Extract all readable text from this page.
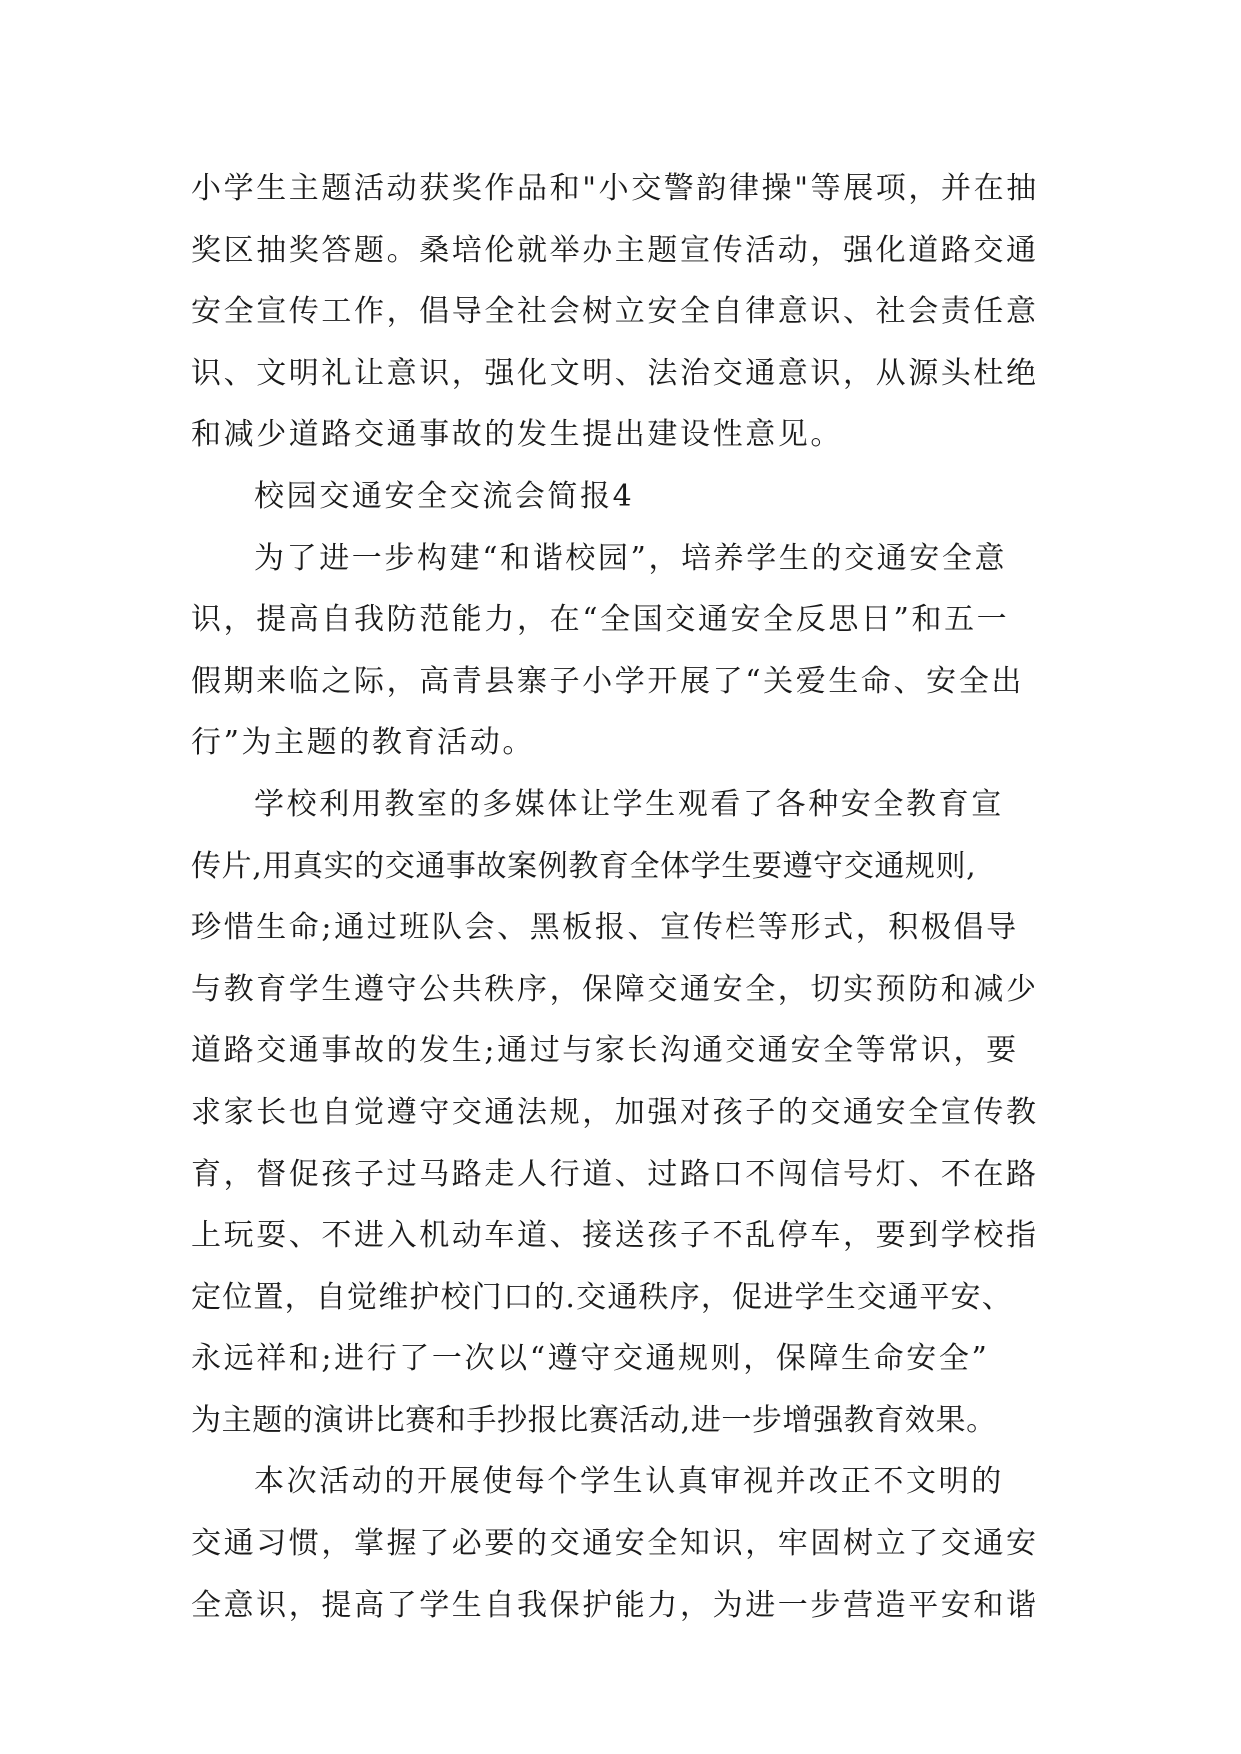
小学生主题活动获奖作品和"小交警韵律操"等展项，并在抽
奖区抽奖答题。桑培伦就举办主题宣传活动，强化道路交通
安全宣传工作，倡导全社会树立安全自律意识、社会责任意
识、文明礼让意识，强化文明、法治交通意识，从源头杜绝
和减少道路交通事故的发生提出建设性意见。
校园交通安全交流会简报4
为了进一步构建“和谐校园”，培养学生的交通安全意
识，提高自我防范能力，在“全国交通安全反思日”和五一
假期来临之际，高青县寨子小学开展了“关爱生命、安全出
行”为主题的教育活动。
学校利用教室的多媒体让学生观看了各种安全教育宣
传片,用真实的交通事故案例教育全体学生要遵守交通规则,
珍惜生命;通过班队会、黑板报、宣传栏等形式，积极倡导
与教育学生遵守公共秩序，保障交通安全，切实预防和减少
道路交通事故的发生;通过与家长沟通交通安全等常识，要
求家长也自觉遵守交通法规，加强对孩子的交通安全宣传教
育，督促孩子过马路走人行道、过路口不闯信号灯、不在路
上玩耍、不进入机动车道、接送孩子不乱停车，要到学校指
定位置，自觉维护校门口的.交通秩序，促进学生交通平安、
永远祥和;进行了一次以“遵守交通规则，保障生命安全”
为主题的演讲比赛和手抄报比赛活动,进一步增强教育效果。
本次活动的开展使每个学生认真审视并改正不文明的
交通习惯，掌握了必要的交通安全知识，牢固树立了交通安
全意识，提高了学生自我保护能力，为进一步营造平安和谐
